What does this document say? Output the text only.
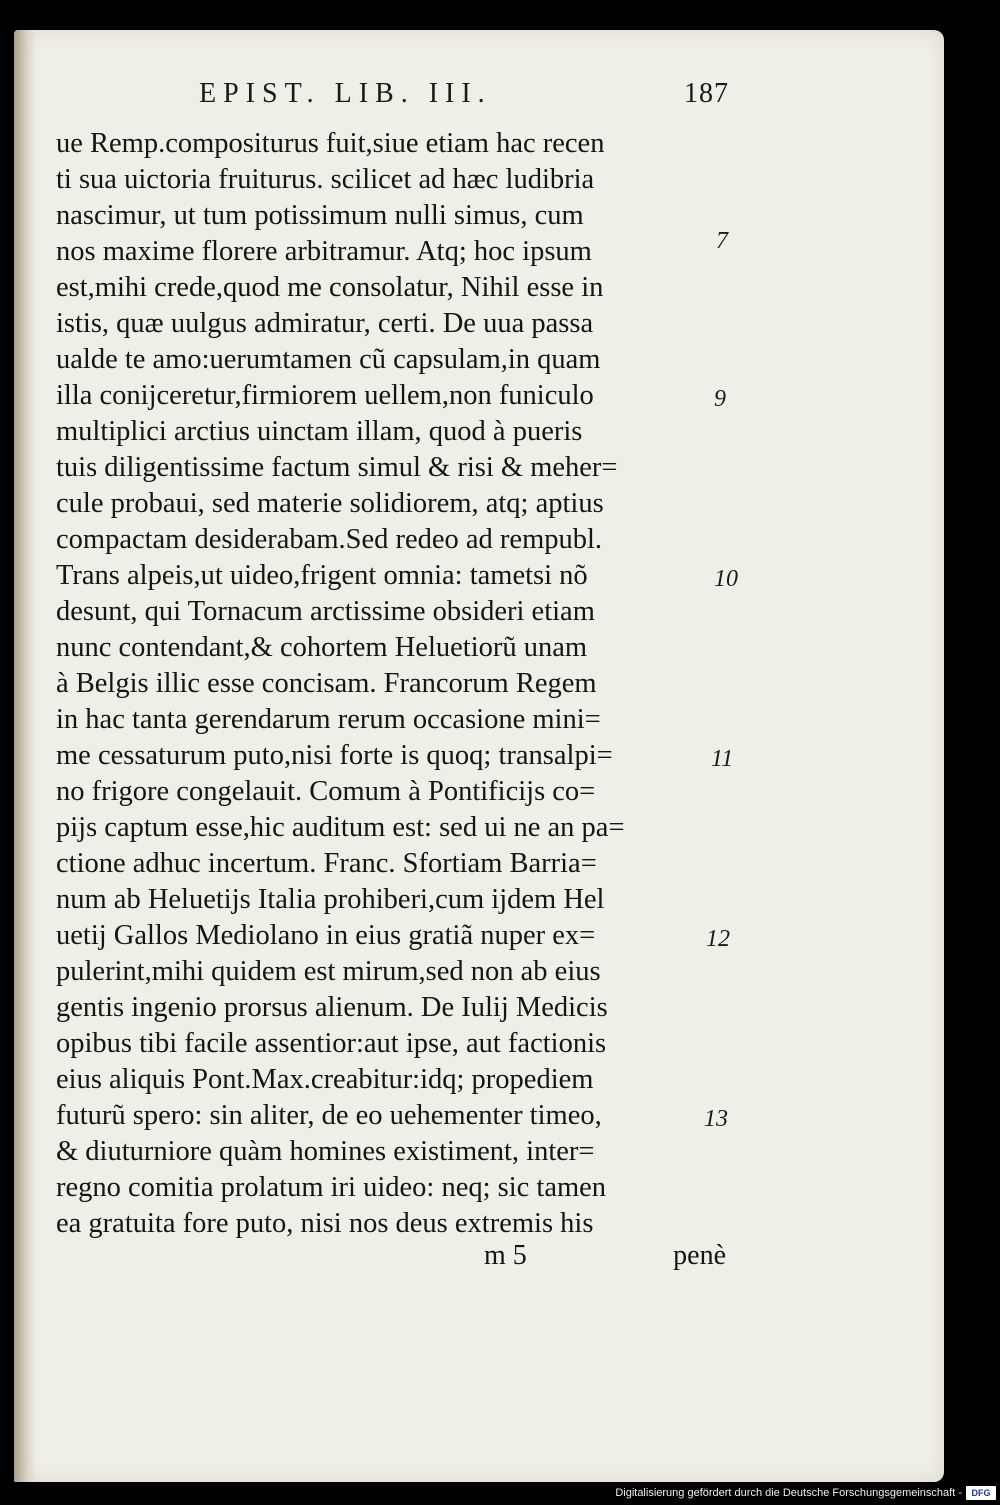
EPIST. LIB. III.	187
ue Remp.compositurus fuit,siue etiam hac recen
ti sua uictoria fruiturus. scilicet ad hæc ludibria
nascimur, ut tum potissimum nulli simus, cum
nos maxime florere arbitramur. Atq; hoc ipsum
est,mihi crede,quod me consolatur, Nihil esse in
istis, quæ uulgus admiratur, certi. De uua passa
ualde te amo:uerumtamen cũ capsulam,in quam
illa conijceretur,firmiorem uellem,non funiculo
multiplici arctius uinctam illam, quod à pueris
tuis diligentissime factum simul & risi & meher=
cule probaui, sed materie solidiorem, atq; aptius
compactam desiderabam.Sed redeo ad rempubl.
Trans alpeis,ut uideo,frigent omnia: tametsi nõ
desunt, qui Tornacum arctissime obsideri etiam
nunc contendant,& cohortem Heluetiorũ unam
à Belgis illic esse concisam. Francorum Regem
in hac tanta gerendarum rerum occasione mini=
me cessaturum puto,nisi forte is quoq; transalpi=
no frigore congelauit. Comum à Pontificijs co=
pijs captum esse,hic auditum est: sed ui ne an pa=
ctione adhuc incertum. Franc. Sfortiam Barria=
num ab Heluetijs Italia prohiberi,cum ijdem Hel
uetij Gallos Mediolano in eius gratiã nuper ex=
pulerint,mihi quidem est mirum,sed non ab eius
gentis ingenio prorsus alienum. De Iulij Medicis
opibus tibi facile assentior:aut ipse, aut factionis
eius aliquis Pont.Max.creabitur:idq; propediem
futurũ spero: sin aliter, de eo uehementer timeo,
& diuturniore quàm homines existiment, inter=
regno comitia prolatum iri uideo: neq; sic tamen
ea gratuita fore puto, nisi nos deus extremis his
7
9
10
11
12
13
m 5	penè
Digitalisierung gefördert durch die Deutsche Forschungsgemeinschaft -	DFG
